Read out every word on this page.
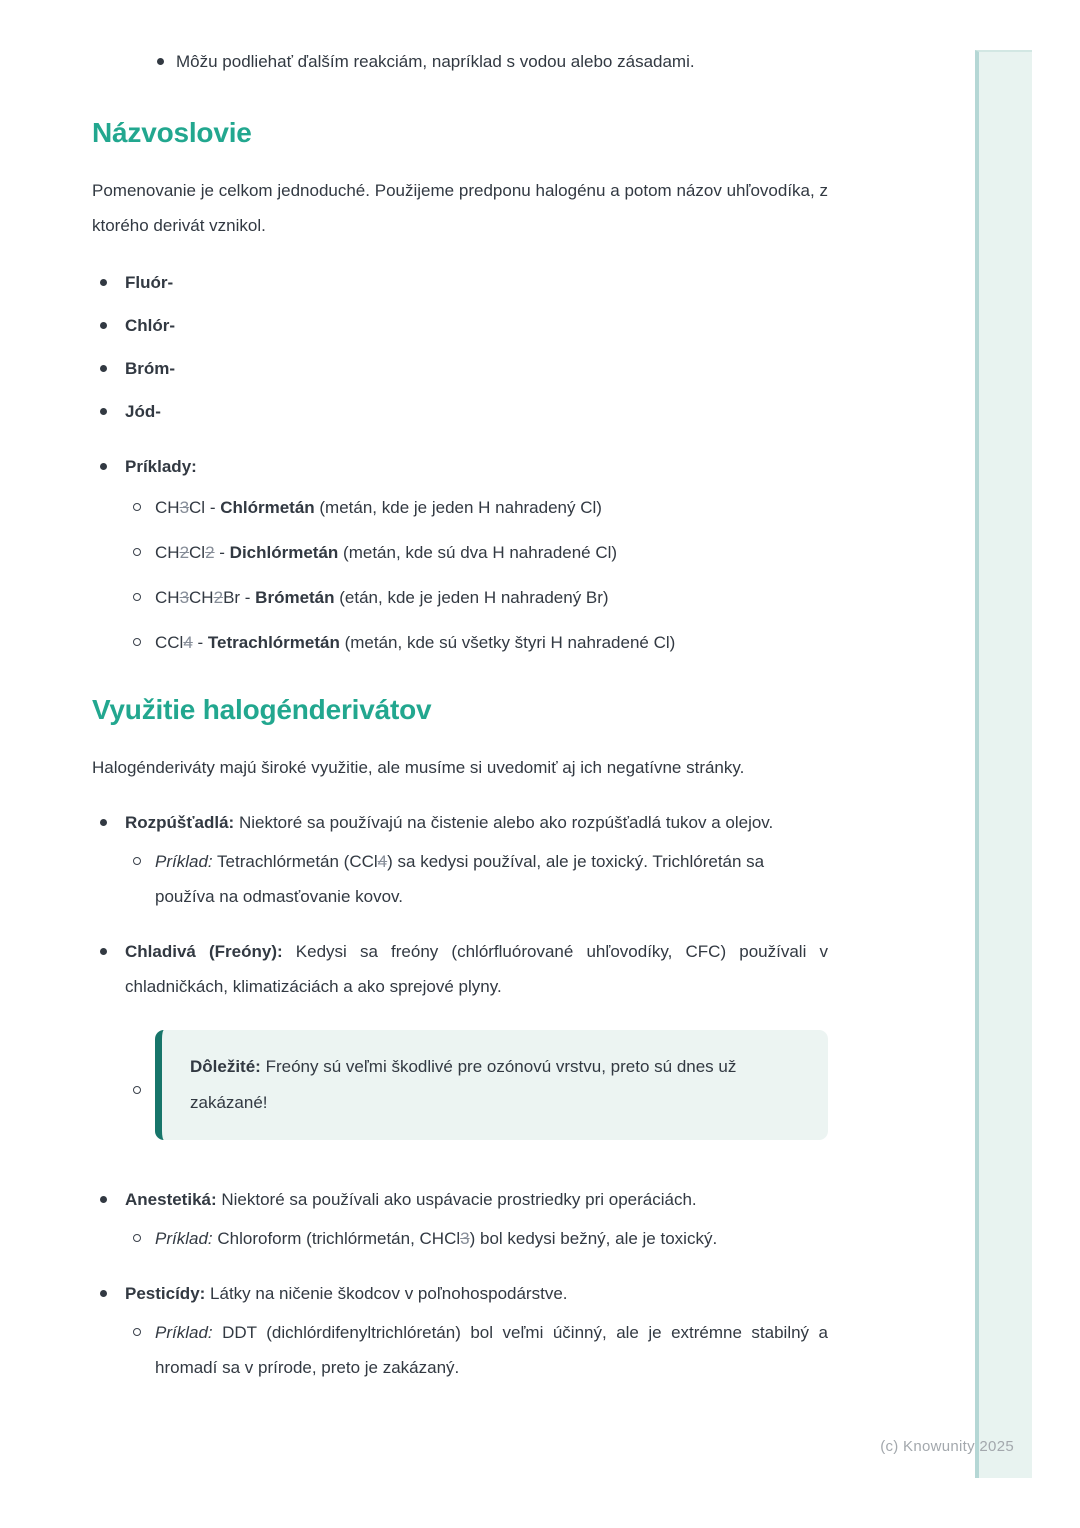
(c) Knowunity 2025
Môžu podliehať ďalším reakciám, napríklad s vodou alebo zásadami.
Názvoslovie

Pomenovanie je celkom jednoduché. Použijeme predponu halogénu a potom názov uhľovodíka, z ktorého derivát vznikol.

Fluór-
Chlór-
Bróm-
Jód-
Príklady:
CH3Cl - Chlórmetán (metán, kde je jeden H nahradený Cl)
CH2Cl2 - Dichlórmetán (metán, kde sú dva H nahradené Cl)
CH3CH2Br - Brómetán (etán, kde je jeden H nahradený Br)
CCl4 - Tetrachlórmetán (metán, kde sú všetky štyri H nahradené Cl)
Využitie halogénderivátov

Halogénderiváty majú široké využitie, ale musíme si uvedomiť aj ich negatívne stránky.

Rozpúšťadlá: Niektoré sa používajú na čistenie alebo ako rozpúšťadlá tukov a olejov.
Príklad: Tetrachlórmetán (CCl4) sa kedysi používal, ale je toxický. Trichlóretán sa používa na odmasťovanie kovov.
Chladivá (Freóny): Kedysi sa freóny (chlórfluórované uhľovodíky, CFC) používali v chladničkách, klimatizáciách a ako sprejové plyny.
Dôležité: Freóny sú veľmi škodlivé pre ozónovú vrstvu, preto sú dnes už zakázané!
Anestetiká: Niektoré sa používali ako uspávacie prostriedky pri operáciách.
Príklad: Chloroform (trichlórmetán, CHCl3) bol kedysi bežný, ale je toxický.
Pesticídy: Látky na ničenie škodcov v poľnohospodárstve.
Príklad: DDT (dichlórdifenyltrichlóretán) bol veľmi účinný, ale je extrémne stabilný a hromadí sa v prírode, preto je zakázaný.
